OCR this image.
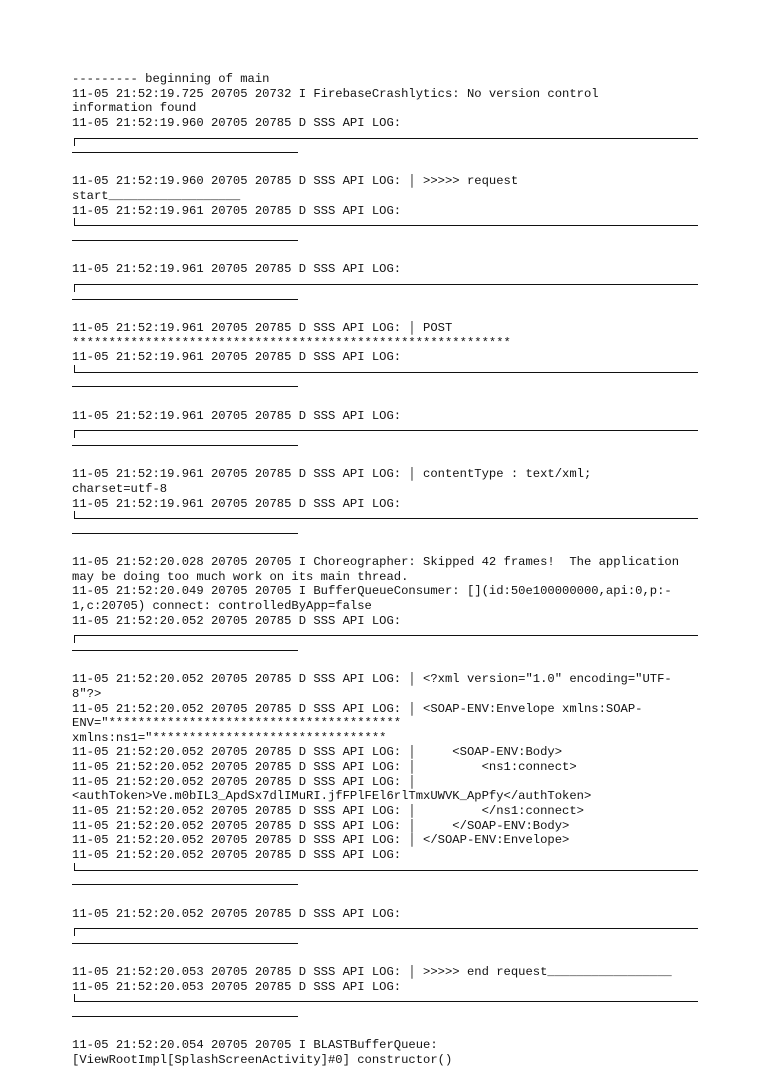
--------- beginning of main
11-05 21:52:19.725 20705 20732 I FirebaseCrashlytics: No version control
information found
11-05 21:52:19.960 20705 20785 D SSS API LOG:
11-05 21:52:19.960 20705 20785 D SSS API LOG: │ >>>>> request
start__________________
11-05 21:52:19.961 20705 20785 D SSS API LOG:
11-05 21:52:19.961 20705 20785 D SSS API LOG:
11-05 21:52:19.961 20705 20785 D SSS API LOG: │ POST
************************************************************
11-05 21:52:19.961 20705 20785 D SSS API LOG:
11-05 21:52:19.961 20705 20785 D SSS API LOG:
11-05 21:52:19.961 20705 20785 D SSS API LOG: │ contentType : text/xml;
charset=utf-8
11-05 21:52:19.961 20705 20785 D SSS API LOG:
11-05 21:52:20.028 20705 20705 I Choreographer: Skipped 42 frames!  The application
may be doing too much work on its main thread.
11-05 21:52:20.049 20705 20705 I BufferQueueConsumer: [](id:50e100000000,api:0,p:-
1,c:20705) connect: controlledByApp=false
11-05 21:52:20.052 20705 20785 D SSS API LOG:
11-05 21:52:20.052 20705 20785 D SSS API LOG: │ <?xml version="1.0" encoding="UTF-
8"?>
11-05 21:52:20.052 20705 20785 D SSS API LOG: │ <SOAP-ENV:Envelope xmlns:SOAP-
ENV="****************************************
xmlns:ns1="********************************
11-05 21:52:20.052 20705 20785 D SSS API LOG: │     <SOAP-ENV:Body>
11-05 21:52:20.052 20705 20785 D SSS API LOG: │         <ns1:connect>
11-05 21:52:20.052 20705 20785 D SSS API LOG: │
<authToken>Ve.m0bIL3_ApdSx7dlIMuRI.jfFPlFEl6rlTmxUWVK_ApPfy</authToken>
11-05 21:52:20.052 20705 20785 D SSS API LOG: │         </ns1:connect>
11-05 21:52:20.052 20705 20785 D SSS API LOG: │     </SOAP-ENV:Body>
11-05 21:52:20.052 20705 20785 D SSS API LOG: │ </SOAP-ENV:Envelope>
11-05 21:52:20.052 20705 20785 D SSS API LOG:
11-05 21:52:20.052 20705 20785 D SSS API LOG:
11-05 21:52:20.053 20705 20785 D SSS API LOG: │ >>>>> end request_________________
11-05 21:52:20.053 20705 20785 D SSS API LOG:
11-05 21:52:20.054 20705 20705 I BLASTBufferQueue:
[ViewRootImpl[SplashScreenActivity]#0] constructor()
